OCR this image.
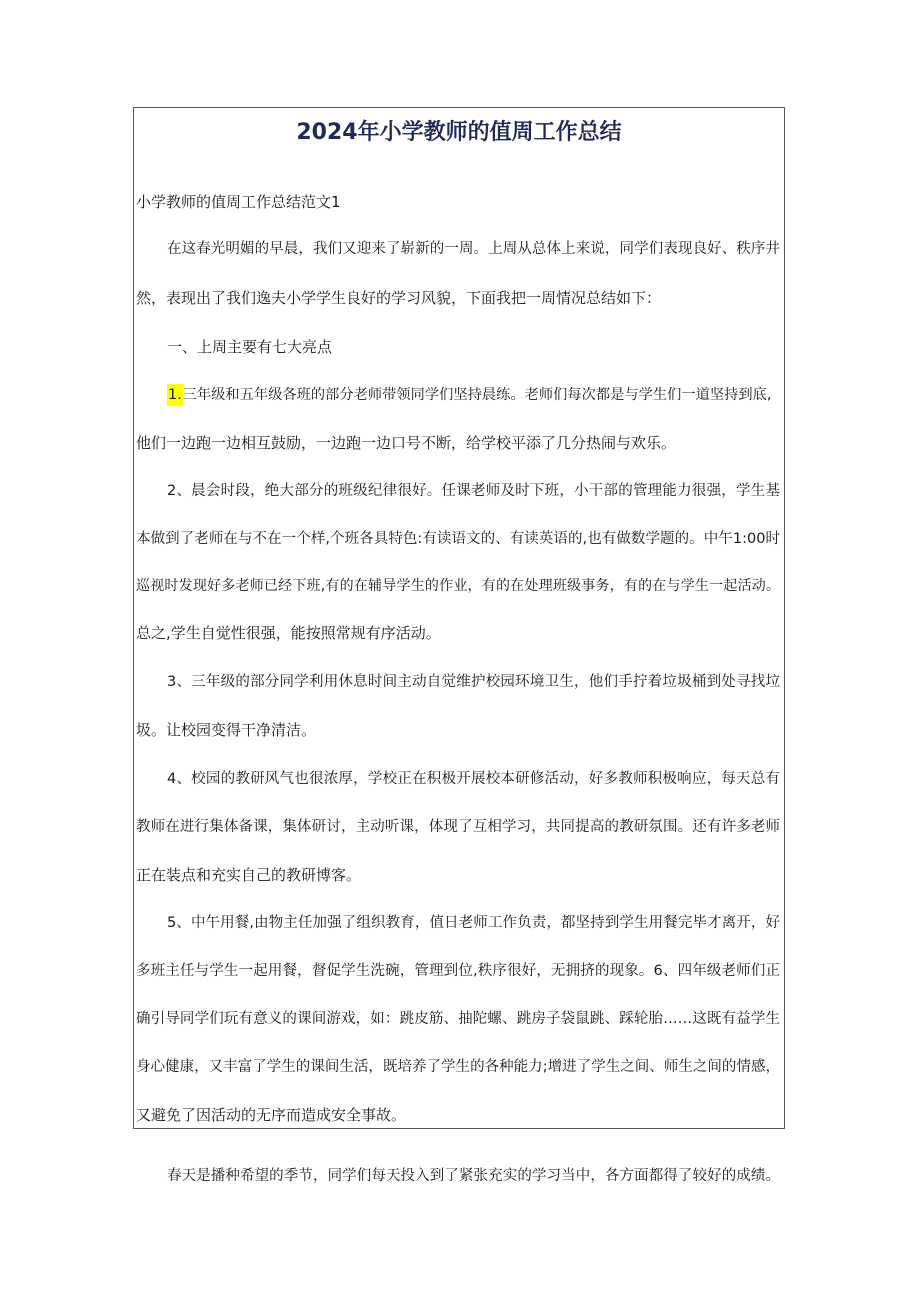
2024年小学教师的值周工作总结
小学教师的值周工作总结范文1
在这春光明媚的早晨，我们又迎来了崭新的一周。上周从总体上来说，同学们表现良好、秩序井
然，表现出了我们逸夫小学学生良好的学习风貌，下面我把一周情况总结如下：
一、上周主要有七大亮点
1.三年级和五年级各班的部分老师带领同学们坚持晨练。老师们每次都是与学生们一道坚持到底,
他们一边跑一边相互鼓励，一边跑一边口号不断，给学校平添了几分热闹与欢乐。
2、晨会时段，绝大部分的班级纪律很好。任课老师及时下班，小干部的管理能力很强，学生基
本做到了老师在与不在一个样,个班各具特色:有读语文的、有读英语的,也有做数学题的。中午1:00时
巡视时发现好多老师已经下班,有的在辅导学生的作业，有的在处理班级事务，有的在与学生一起活动。
总之,学生自觉性很强，能按照常规有序活动。
3、三年级的部分同学利用休息时间主动自觉维护校园环境卫生，他们手拧着垃圾桶到处寻找垃
圾。让校园变得干净清洁。
4、校园的教研风气也很浓厚，学校正在积极开展校本研修活动，好多教师积极响应，每天总有
教师在进行集体备课，集体研讨，主动听课，体现了互相学习，共同提高的教研氛围。还有许多老师
正在装点和充实自己的教研博客。
5、中午用餐,由物主任加强了组织教育，值日老师工作负责，都坚持到学生用餐完毕才离开，好
多班主任与学生一起用餐，督促学生洗碗，管理到位,秩序很好，无拥挤的现象。6、四年级老师们正
确引导同学们玩有意义的课间游戏，如：跳皮筋、抽陀螺、跳房子袋鼠跳、踩轮胎……这既有益学生
身心健康，又丰富了学生的课间生活，既培养了学生的各种能力;增进了学生之间、师生之间的情感，
又避免了因活动的无序而造成安全事故。
春天是播种希望的季节，同学们每天投入到了紧张充实的学习当中，各方面都得了较好的成绩。
